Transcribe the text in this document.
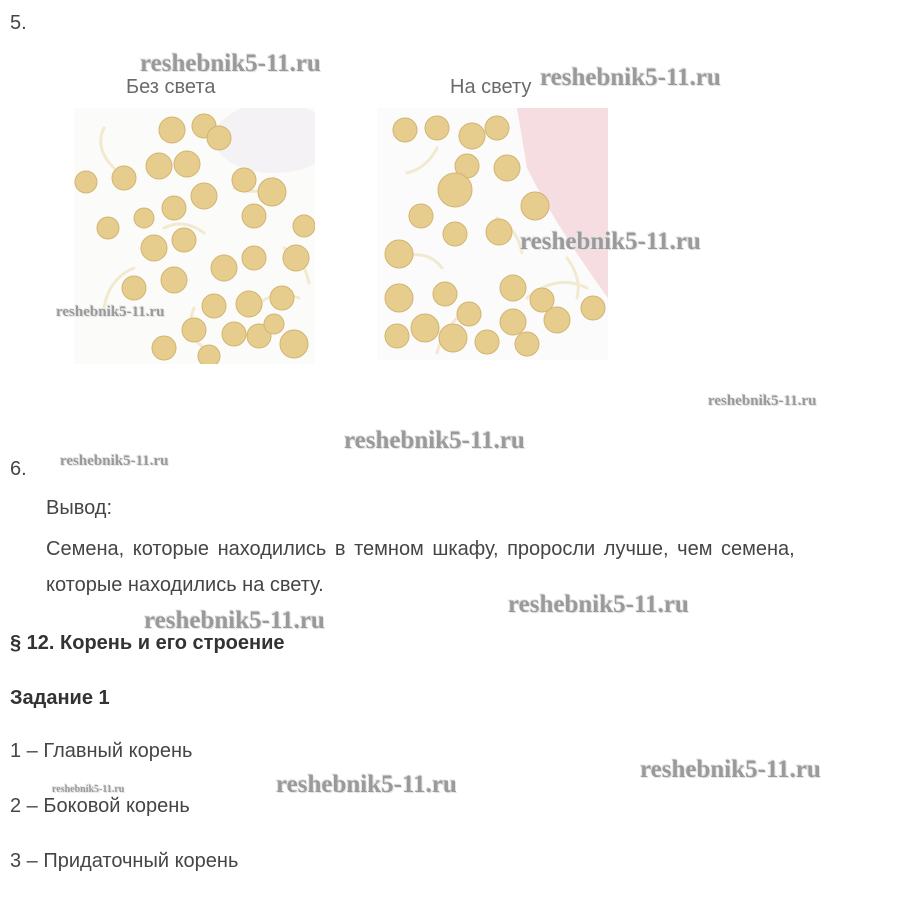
5.
Без света	На свету
6.
Вывод:
Семена, которые находились в темном шкафу, проросли лучше, чем семена,
которые находились на свету.
§ 12. Корень и его строение
Задание 1
1 – Главный корень
2 – Боковой корень
3 – Придаточный корень
reshebnik5-11.ru
reshebnik5-11.ru
reshebnik5-11.ru
reshebnik5-11.ru
reshebnik5-11.ru
reshebnik5-11.ru
reshebnik5-11.ru
reshebnik5-11.ru
reshebnik5-11.ru
reshebnik5-11.ru
reshebnik5-11.ru
reshebnik5-11.ru
